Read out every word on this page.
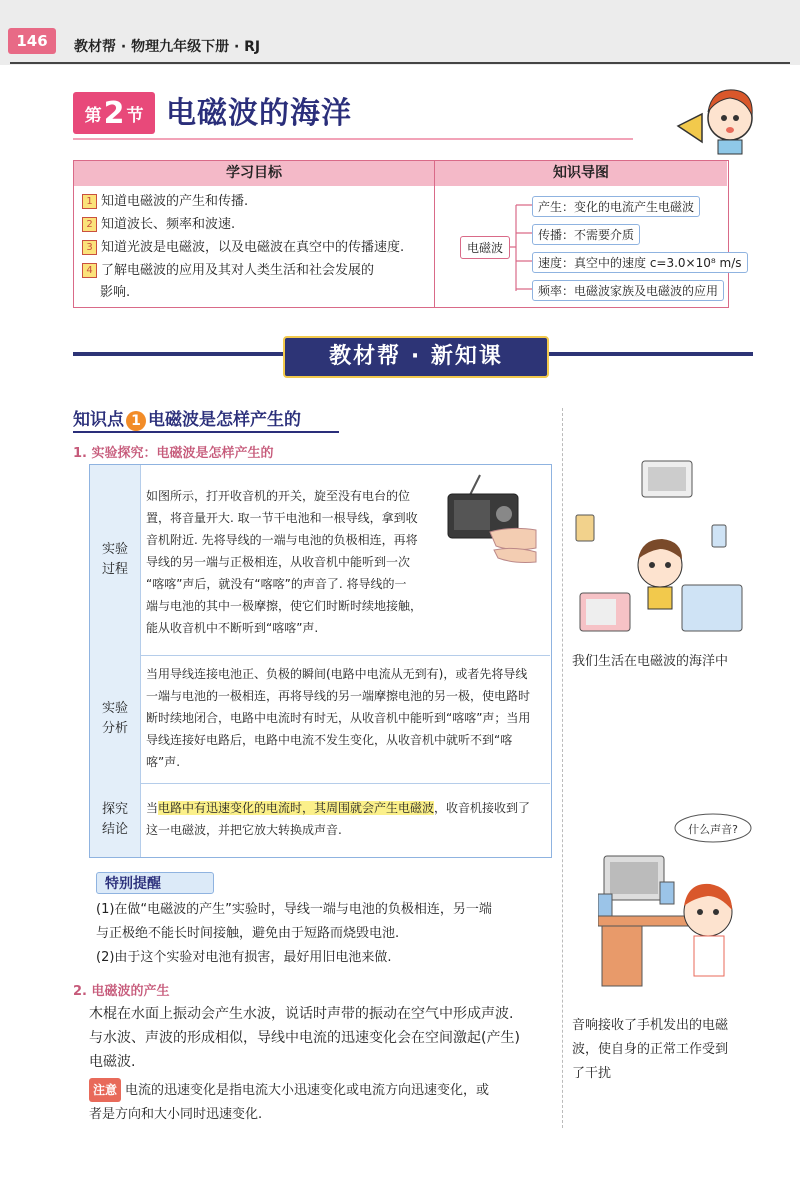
146	教材帮 · 物理九年级下册 · RJ
第 2 节 电磁波的海洋
学习目标	知识导图
1 知道电磁波的产生和传播.
2 知道波长、频率和波速.
3 知道光波是电磁波，以及电磁波在真空中的传播速度.
4 了解电磁波的应用及其对人类生活和社会发展的
影响.
电磁波
产生：变化的电流产生电磁波
传播：不需要介质
速度：真空中的速度 c=3.0×10⁸ m/s
频率：电磁波家族及电磁波的应用
教材帮 · 新知课
知识点 1 电磁波是怎样产生的
1. 实验探究：电磁波是怎样产生的
实验
过程
如图所示，打开收音机的开关，旋至没有电台的位
置，将音量开大. 取一节干电池和一根导线，拿到收
音机附近. 先将导线的一端与电池的负极相连，再将
导线的另一端与正极相连，从收音机中能听到一次
“喀喀”声后，就没有“喀喀”的声音了. 将导线的一
端与电池的其中一极摩擦，使它们时断时续地接触，
能从收音机中不断听到“喀喀”声.
实验
分析
当用导线连接电池正、负极的瞬间(电路中电流从无到有)，或者先将导线
一端与电池的一极相连，再将导线的另一端摩擦电池的另一极，使电路时
断时续地闭合，电路中电流时有时无，从收音机中能听到“喀喀”声；当用
导线连接好电路后，电路中电流不发生变化，从收音机中就听不到“喀
喀”声.
探究
结论
当电路中有迅速变化的电流时，其周围就会产生电磁波，收音机接收到了
这一电磁波，并把它放大转换成声音.
特别提醒
(1)在做“电磁波的产生”实验时，导线一端与电池的负极相连，另一端
与正极绝不能长时间接触，避免由于短路而烧毁电池.
(2)由于这个实验对电池有损害，最好用旧电池来做.
2. 电磁波的产生
木棍在水面上振动会产生水波，说话时声带的振动在空气中形成声波.
与水波、声波的形成相似，导线中电流的迅速变化会在空间激起(产生)
电磁波.
注意 电流的迅速变化是指电流大小迅速变化或电流方向迅速变化，或
者是方向和大小同时迅速变化.
我们生活在电磁波的海洋中
什么声音?
音响接收了手机发出的电磁
波，使自身的正常工作受到
了干扰
